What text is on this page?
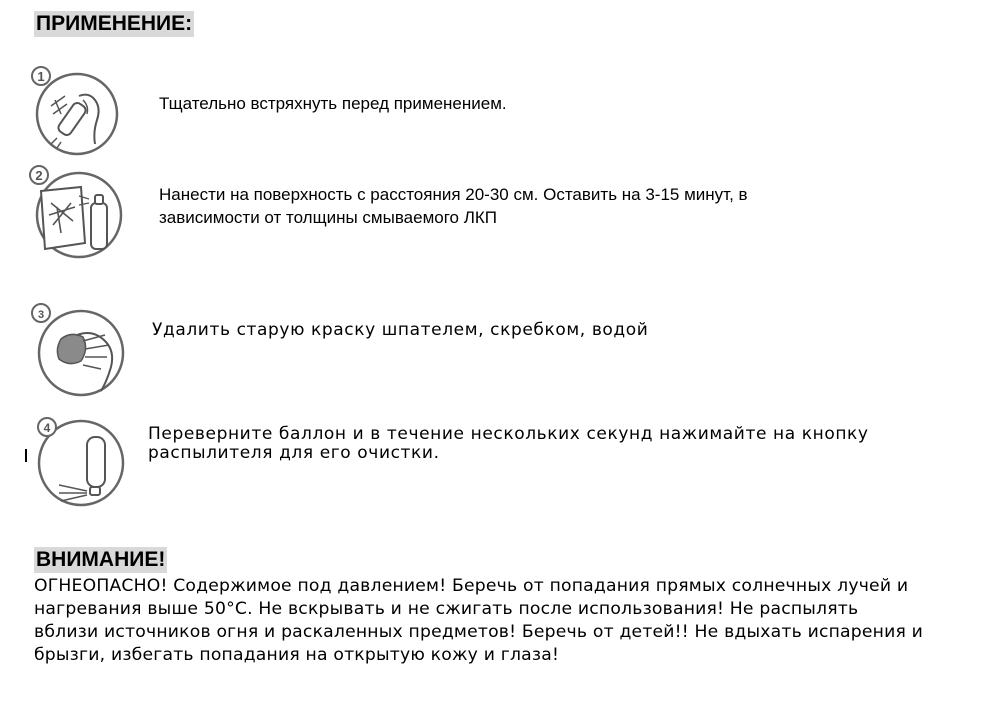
ПРИМЕНЕНИЕ:
1
Тщательно встряхнуть перед применением.
2
Нанести на поверхность с расстояния 20-30 см. Оставить на 3-15 минут, в
зависимости от толщины смываемого ЛКП
3
Удалить старую краску шпателем, скребком, водой
4	Переверните баллон и в течение нескольких секунд нажимайте на кнопку
распылителя для его очистки.
ВНИМАНИЕ!

ОГНЕОПАСНО! Содержимое под давлением! Беречь от попадания прямых солнечных лучей и

нагревания выше 50°С. Не вскрывать и не сжигать после использования! Не распылять

вблизи источников огня и раскаленных предметов! Беречь от детей!! Не вдыхать испарения и

брызги, избегать попадания на открытую кожу и глаза!
